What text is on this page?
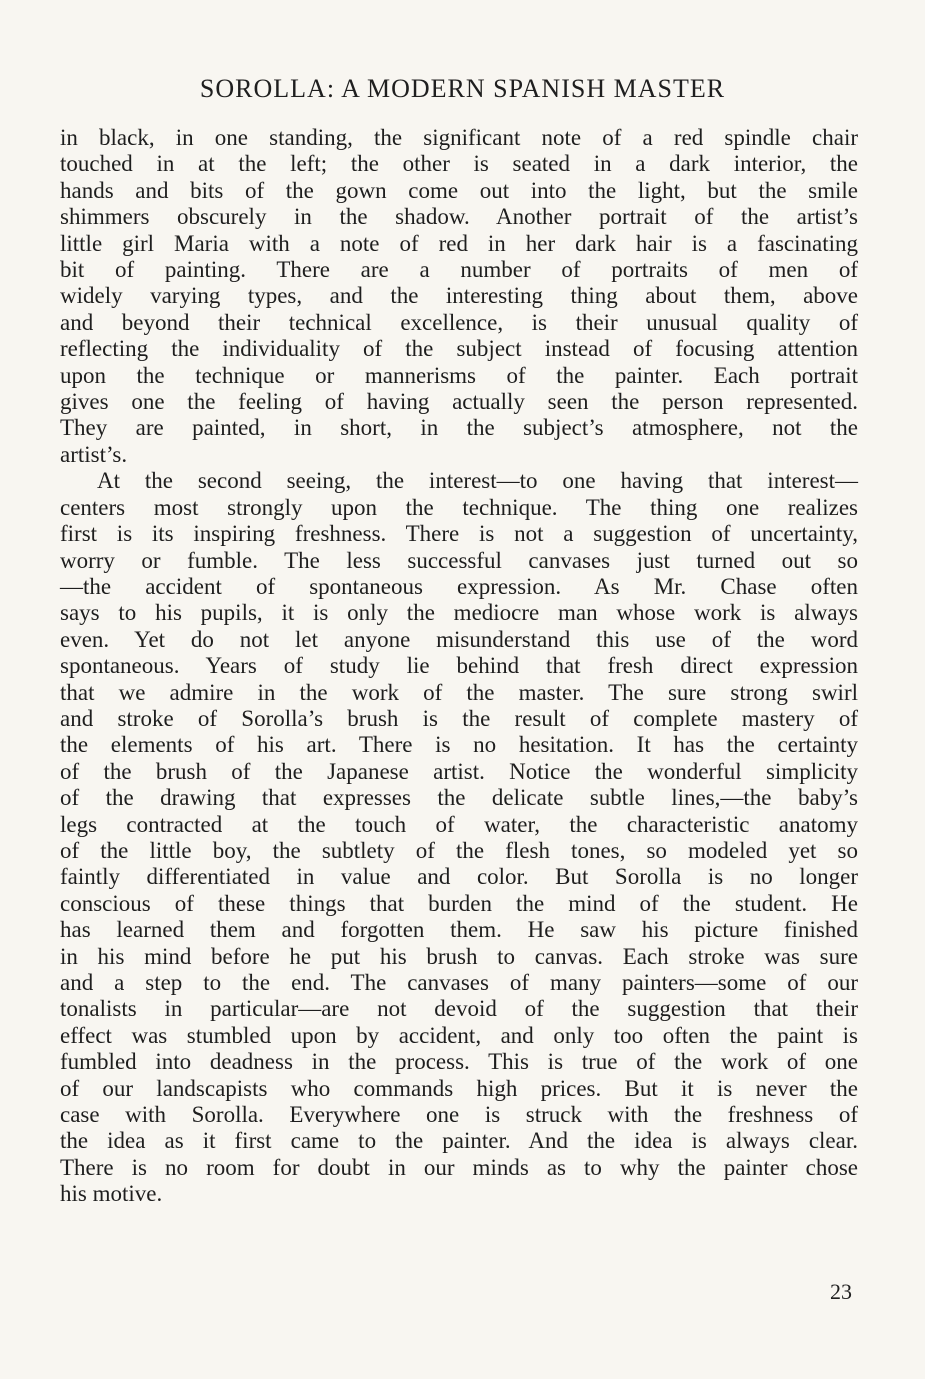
SOROLLA: A MODERN SPANISH MASTER
in black, in one standing, the significant note of a red spindle chair
touched in at the left; the other is seated in a dark interior, the
hands and bits of the gown come out into the light, but the smile
shimmers obscurely in the shadow. Another portrait of the artist’s
little girl Maria with a note of red in her dark hair is a fascinating
bit of painting. There are a number of portraits of men of
widely varying types, and the interesting thing about them, above
and beyond their technical excellence, is their unusual quality of
reflecting the individuality of the subject instead of focusing attention
upon the technique or mannerisms of the painter. Each portrait
gives one the feeling of having actually seen the person represented.
They are painted, in short, in the subject’s atmosphere, not the
artist’s.
At the second seeing, the interest—to one having that interest—
centers most strongly upon the technique. The thing one realizes
first is its inspiring freshness. There is not a suggestion of uncertainty,
worry or fumble. The less successful canvases just turned out so
—the accident of spontaneous expression. As Mr. Chase often
says to his pupils, it is only the mediocre man whose work is always
even. Yet do not let anyone misunderstand this use of the word
spontaneous. Years of study lie behind that fresh direct expression
that we admire in the work of the master. The sure strong swirl
and stroke of Sorolla’s brush is the result of complete mastery of
the elements of his art. There is no hesitation. It has the certainty
of the brush of the Japanese artist. Notice the wonderful simplicity
of the drawing that expresses the delicate subtle lines,—the baby’s
legs contracted at the touch of water, the characteristic anatomy
of the little boy, the subtlety of the flesh tones, so modeled yet so
faintly differentiated in value and color. But Sorolla is no longer
conscious of these things that burden the mind of the student. He
has learned them and forgotten them. He saw his picture finished
in his mind before he put his brush to canvas. Each stroke was sure
and a step to the end. The canvases of many painters—some of our
tonalists in particular—are not devoid of the suggestion that their
effect was stumbled upon by accident, and only too often the paint is
fumbled into deadness in the process. This is true of the work of one
of our landscapists who commands high prices. But it is never the
case with Sorolla. Everywhere one is struck with the freshness of
the idea as it first came to the painter. And the idea is always clear.
There is no room for doubt in our minds as to why the painter chose
his motive.
23
